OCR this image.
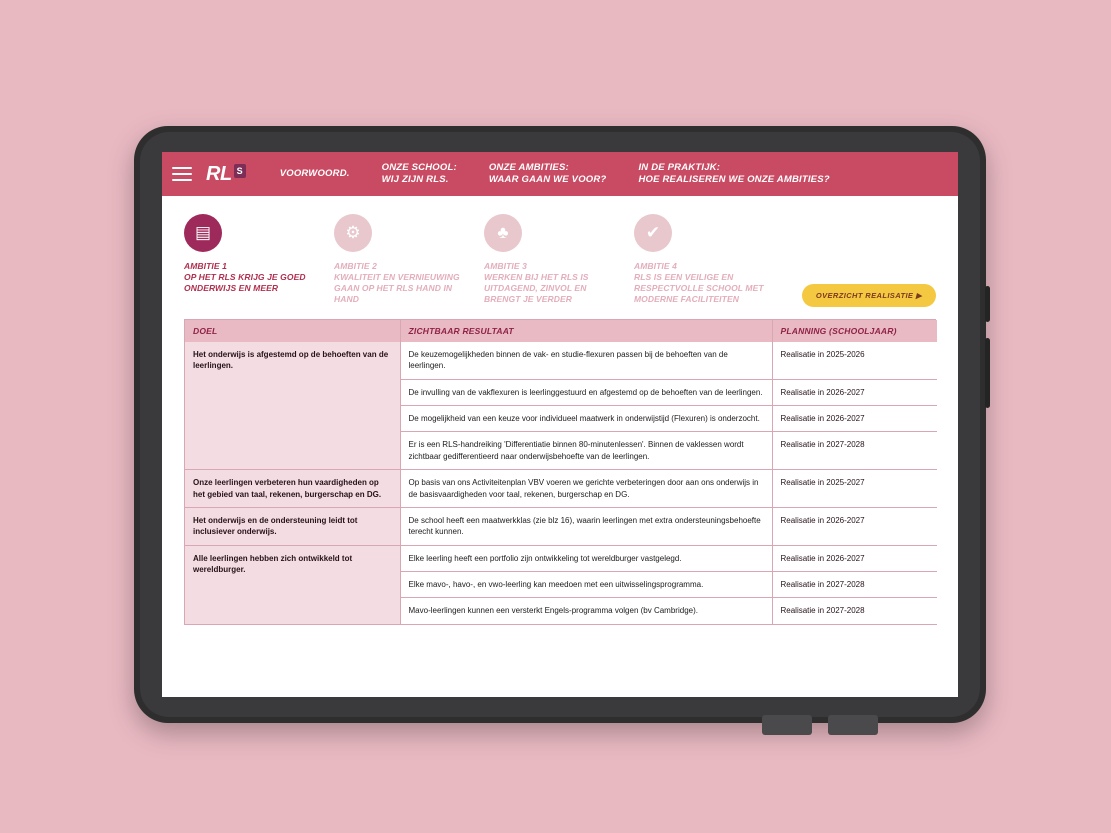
RL S	VOORWOORD.
ONZE SCHOOL:
WIJ ZIJN RLS.
ONZE AMBITIES:
WAAR GAAN WE VOOR?
IN DE PRAKTIJK:
HOE REALISEREN WE ONZE AMBITIES?
▤
AMBITIE 1
OP HET RLS KRIJG JE GOED ONDERWIJS EN MEER
⚙
AMBITIE 2
KWALITEIT EN VERNIEUWING GAAN OP HET RLS HAND IN HAND
♣
AMBITIE 3
WERKEN BIJ HET RLS IS UITDAGEND, ZINVOL EN BRENGT JE VERDER
✔
AMBITIE 4
RLS IS EEN VEILIGE EN RESPECTVOLLE SCHOOL MET MODERNE FACILITEITEN	OVERZICHT REALISATIE ▶
DOEL	ZICHTBAAR RESULTAAT	PLANNING (SCHOOLJAAR)
Het onderwijs is afgestemd op de behoeften van de leerlingen.	De keuzemogelijkheden binnen de vak- en studie-flexuren passen bij de behoeften van de leerlingen.	Realisatie in 2025-2026
	De invulling van de vakflexuren is leerlinggestuurd en afgestemd op de behoeften van de leerlingen.	Realisatie in 2026-2027
	De mogelijkheid van een keuze voor individueel maatwerk in onderwijstijd (Flexuren) is onderzocht.	Realisatie in 2026-2027
	Er is een RLS-handreiking 'Differentiatie binnen 80-minutenlessen'. Binnen de vaklessen wordt zichtbaar gedifferentieerd naar onderwijsbehoefte van de leerlingen.	Realisatie in 2027-2028
Onze leerlingen verbeteren hun vaardigheden op het gebied van taal, rekenen, burgerschap en DG.	Op basis van ons Activiteitenplan VBV voeren we gerichte verbeteringen door aan ons onderwijs in de basisvaardigheden voor taal, rekenen, burgerschap en DG.	Realisatie in 2025-2027
Het onderwijs en de ondersteuning leidt tot inclusiever onderwijs.	De school heeft een maatwerkklas (zie blz 16), waarin leerlingen met extra ondersteuningsbehoefte terecht kunnen.	Realisatie in 2026-2027
Alle leerlingen hebben zich ontwikkeld tot wereldburger.	Elke leerling heeft een portfolio zijn ontwikkeling tot wereldburger vastgelegd.	Realisatie in 2026-2027
	Elke mavo-, havo-, en vwo-leerling kan meedoen met een uitwisselingsprogramma.	Realisatie in 2027-2028
	Mavo-leerlingen kunnen een versterkt Engels-programma volgen (bv Cambridge).	Realisatie in 2027-2028
